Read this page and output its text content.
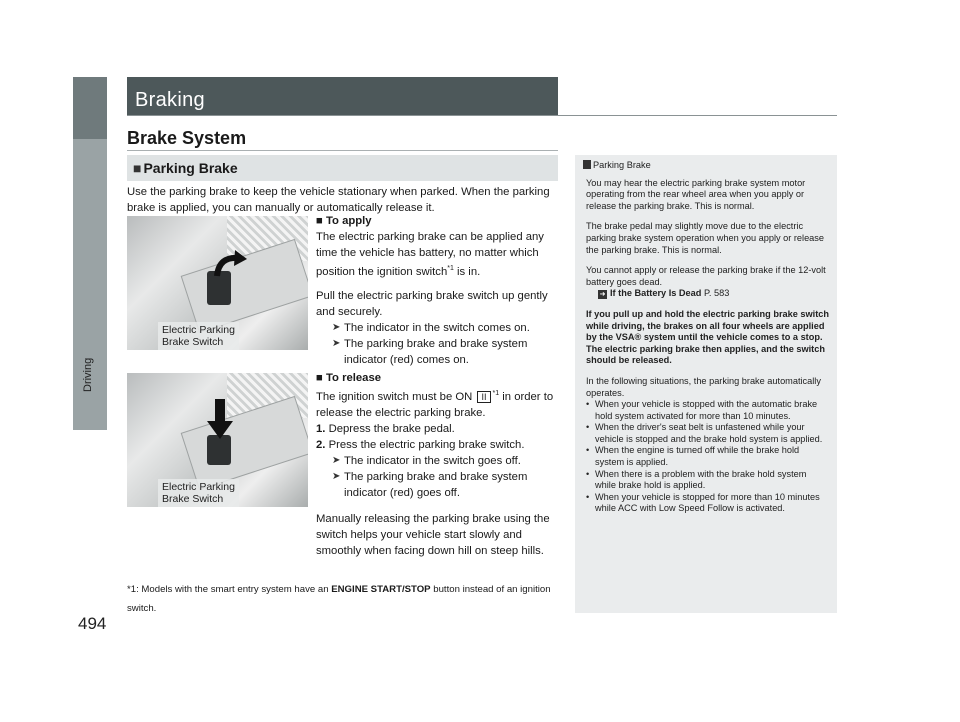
Driving
494
Braking
Brake System
■ Parking Brake
Use the parking brake to keep the vehicle stationary when parked. When the parking brake is applied, you can manually or automatically release it.
Electric Parking
Brake Switch
Electric Parking
Brake Switch
■ To apply
The electric parking brake can be applied any time the vehicle has battery, no matter which position the ignition switch$^{*1}$ is in.
Pull the electric parking brake switch up gently and securely.
➤ The indicator in the switch comes on.
➤ The parking brake and brake system indicator (red) comes on.
■ To release
The ignition switch must be ON II $^{*1}$ in order to release the electric parking brake.
1. Depress the brake pedal.
2. Press the electric parking brake switch.
➤ The indicator in the switch goes off.
➤ The parking brake and brake system indicator (red) goes off.
Manually releasing the parking brake using the switch helps your vehicle start slowly and smoothly when facing down hill on steep hills.
*1: Models with the smart entry system have an ENGINE START/STOP button instead of an ignition switch.
Parking Brake

You may hear the electric parking brake system motor operating from the rear wheel area when you apply or release the parking brake. This is normal.

The brake pedal may slightly move due to the electric parking brake system operation when you apply or release the parking brake. This is normal.

You cannot apply or release the parking brake if the 12-volt battery goes dead.
➜ If the Battery Is Dead P. 583

If you pull up and hold the electric parking brake switch while driving, the brakes on all four wheels are applied by the VSA® system until the vehicle comes to a stop. The electric parking brake then applies, and the switch should be released.

In the following situations, the parking brake automatically operates.

• When your vehicle is stopped with the automatic brake hold system activated for more than 10 minutes.
• When the driver's seat belt is unfastened while your vehicle is stopped and the brake hold system is applied.
• When the engine is turned off while the brake hold system is applied.
• When there is a problem with the brake hold system while brake hold is applied.
• When your vehicle is stopped for more than 10 minutes while ACC with Low Speed Follow is activated.
